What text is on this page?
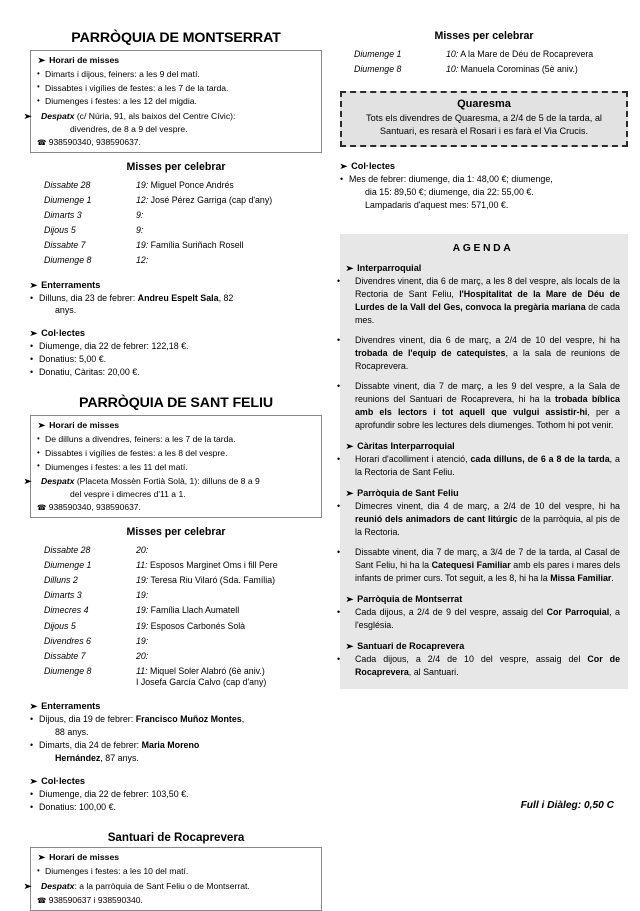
PARRÒQUIA DE MONTSERRAT
➤ Horari de misses
• Dimarts i dijous, feiners: a les 9 del matí.
• Dissabtes i vigílies de festes: a les 7 de la tarda.
• Diumenges i festes: a les 12 del migdia.
➤ Despatx (c/ Núria, 91, als baixos del Centre Cívic):
divendres, de 8 a 9 del vespre.
☎ 938590340, 938590637.
Misses per celebrar
Dissabte 28	19: Miguel Ponce Andrés
Diumenge 1	12: José Pérez Garriga (cap d'any)
Dimarts 3	9:
Dijous 5	9:
Dissabte 7	19: Família Suriñach Rosell
Diumenge 8	12:
➤ Enterraments
• Dilluns, dia 23 de febrer: Andreu Espelt Sala, 82
anys.
➤ Col·lectes
• Diumenge, dia 22 de febrer: 122,18 €.
• Donatius: 5,00 €.
• Donatiu, Càritas: 20,00 €.
PARRÒQUIA DE SANT FELIU
➤ Horari de misses
• De dilluns a divendres, feiners: a les 7 de la tarda.
• Dissabtes i vigílies de festes: a les 8 del vespre.
• Diumenges i festes: a les 11 del matí.
➤ Despatx (Placeta Mossèn Fortià Solà, 1): dilluns de 8 a 9
del vespre i dimecres d'11 a 1.
☎ 938590340, 938590637.
Misses per celebrar
Dissabte 28	20:
Diumenge 1	11: Esposos Marginet Oms i fill Pere
Dilluns 2	19: Teresa Riu Vilaró (Sda. Família)
Dimarts 3	19:
Dimecres 4	19: Família Llach Aumatell
Dijous 5	19: Esposos Carbonés Solà
Divendres 6	19:
Dissabte 7	20:
Diumenge 8	11: Miquel Soler Alabró (6è aniv.)
I Josefa García Calvo (cap d'any)
➤ Enterraments
• Dijous, dia 19 de febrer: Francisco Muñoz Montes,
88 anys.
• Dimarts, dia 24 de febrer: Maria Moreno
Hernández, 87 anys.
➤ Col·lectes
• Diumenge, dia 22 de febrer: 103,50 €.
• Donatius: 100,00 €.
Santuari de Rocaprevera
➤ Horari de misses
• Diumenges i festes: a les 10 del matí.
➤ Despatx: a la parròquia de Sant Feliu o de Montserrat.
☎ 938590637 i 938590340.
Misses per celebrar
Diumenge 1	10: A la Mare de Déu de Rocaprevera
Diumenge 8	10: Manuela Corominas (5è aniv.)
Quaresma
Tots els divendres de Quaresma, a 2/4 de 5 de la tarda, al Santuari, es resarà el Rosari i es farà el Via Crucis.
➤ Col·lectes
• Mes de febrer: diumenge, dia 1: 48,00 €; diumenge,
dia 15: 89,50 €; diumenge, dia 22: 55,00 €.
Lampadaris d'aquest mes: 571,00 €.
AGENDA
➤ Interparroquial
• Divendres vinent, dia 6 de març, a les 8 del vespre, als locals de la Rectoria de Sant Feliu, l'Hospitalitat de la Mare de Déu de Lurdes de la Vall del Ges, convoca la pregària mariana de cada mes.
• Divendres vinent, dia 6 de març, a 2/4 de 10 del vespre, hi ha trobada de l'equip de catequistes, a la sala de reunions de Rocaprevera.
• Dissabte vinent, dia 7 de març, a les 9 del vespre, a la Sala de reunions del Santuari de Rocaprevera, hi ha la trobada bíblica amb els lectors i tot aquell que vulgui assistir-hi, per a aprofundir sobre les lectures dels diumenges. Tothom hi pot venir.
➤ Càritas Interparroquial
• Horari d'acolliment i atenció, cada dilluns, de 6 a 8 de la tarda, a la Rectoria de Sant Feliu.
➤ Parròquia de Sant Feliu
• Dimecres vinent, dia 4 de març, a 2/4 de 10 del vespre, hi ha reunió dels animadors de cant litúrgic de la parròquia, al pis de la Rectoria.
• Dissabte vinent, dia 7 de març, a 3/4 de 7 de la tarda, al Casal de Sant Feliu, hi ha la Catequesi Familiar amb els pares i mares dels infants de primer curs. Tot seguit, a les 8, hi ha la Missa Familiar.
➤ Parròquia de Montserrat
• Cada dijous, a 2/4 de 9 del vespre, assaig del Cor Parroquial, a l'església.
➤ Santuari de Rocaprevera
• Cada dijous, a 2/4 de 10 del vespre, assaig del Cor de Rocaprevera, al Santuari.
Full i Diàleg: 0,50 C
